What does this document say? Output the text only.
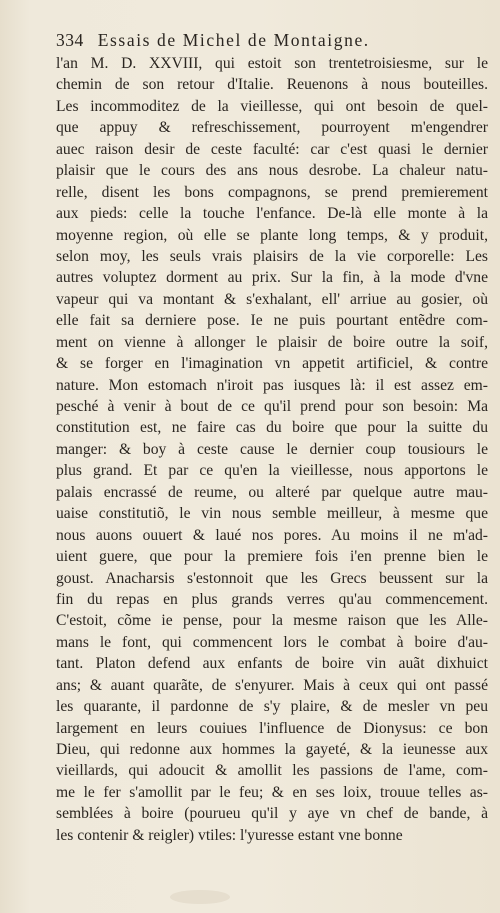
334 Essais de Michel de Montaigne.
l'an M. D. XXVIII, qui estoit son trentetroisiesme, sur le
chemin de son retour d'Italie. Reuenons à nous bouteilles.
Les incommoditez de la vieillesse, qui ont besoin de quel-
que appuy & refreschissement, pourroyent m'engendrer
auec raison desir de ceste faculté: car c'est quasi le dernier
plaisir que le cours des ans nous desrobe. La chaleur natu-
relle, disent les bons compagnons, se prend premierement
aux pieds: celle la touche l'enfance. De-là elle monte à la
moyenne region, où elle se plante long temps, & y produit,
selon moy, les seuls vrais plaisirs de la vie corporelle: Les
autres voluptez dorment au prix. Sur la fin, à la mode d'vne
vapeur qui va montant & s'exhalant, ell' arriue au gosier, où
elle fait sa derniere pose. Ie ne puis pourtant entẽdre com-
ment on vienne à allonger le plaisir de boire outre la soif,
& se forger en l'imagination vn appetit artificiel, & contre
nature. Mon estomach n'iroit pas iusques là: il est assez em-
pesché à venir à bout de ce qu'il prend pour son besoin: Ma
constitution est, ne faire cas du boire que pour la suitte du
manger: & boy à ceste cause le dernier coup tousiours le
plus grand. Et par ce qu'en la vieillesse, nous apportons le
palais encrassé de reume, ou alteré par quelque autre mau-
uaise constitutiõ, le vin nous semble meilleur, à mesme que
nous auons ouuert & laué nos pores. Au moins il ne m'ad-
uient guere, que pour la premiere fois i'en prenne bien le
goust. Anacharsis s'estonnoit que les Grecs beussent sur la
fin du repas en plus grands verres qu'au commencement.
C'estoit, cõme ie pense, pour la mesme raison que les Alle-
mans le font, qui commencent lors le combat à boire d'au-
tant. Platon defend aux enfants de boire vin auãt dixhuict
ans; & auant quarãte, de s'enyurer. Mais à ceux qui ont passé
les quarante, il pardonne de s'y plaire, & de mesler vn peu
largement en leurs couiues l'influence de Dionysus: ce bon
Dieu, qui redonne aux hommes la gayeté, & la ieunesse aux
vieillards, qui adoucit & amollit les passions de l'ame, com-
me le fer s'amollit par le feu; & en ses loix, trouue telles as-
semblées à boire (pourueu qu'il y aye vn chef de bande, à
les contenir & reigler) vtiles: l'yuresse estant vne bonne
